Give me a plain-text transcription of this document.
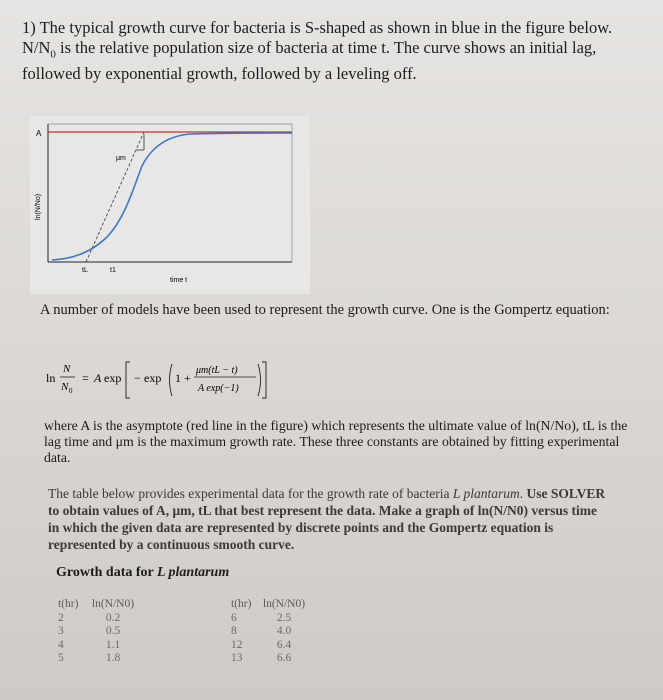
1) The typical growth curve for bacteria is S-shaped as shown in blue in the figure below. $N/N_0$ is the relative population size of bacteria at time t. The curve shows an initial lag, followed by exponential growth, followed by a leveling off.
A
μm
tL	t1
time t
ln(N/No)
A number of models have been used to represent the growth curve. One is the Gompertz equation:
ln
N
N 0
= A exp − exp 1 +
μm(tL − t)
A exp(−1)
where A is the asymptote (red line in the figure) which represents the ultimate value of ln(N/No), tL is the lag time and μm is the maximum growth rate. These three constants are obtained by fitting experimental data.
The table below provides experimental data for the growth rate of bacteria L plantarum. Use SOLVER to obtain values of A, μm, tL that best represent the data. Make a graph of ln(N/N0) versus time in which the given data are represented by discrete points and the Gompertz equation is represented by a continuous smooth curve.
Growth data for L plantarum
t(hr)	ln(N/N0)
2	0.2
3	0.5
4	1.1
5	1.8
t(hr) ln(N/N0)
6	2.5
8	4.0
12	6.4
13	6.6
